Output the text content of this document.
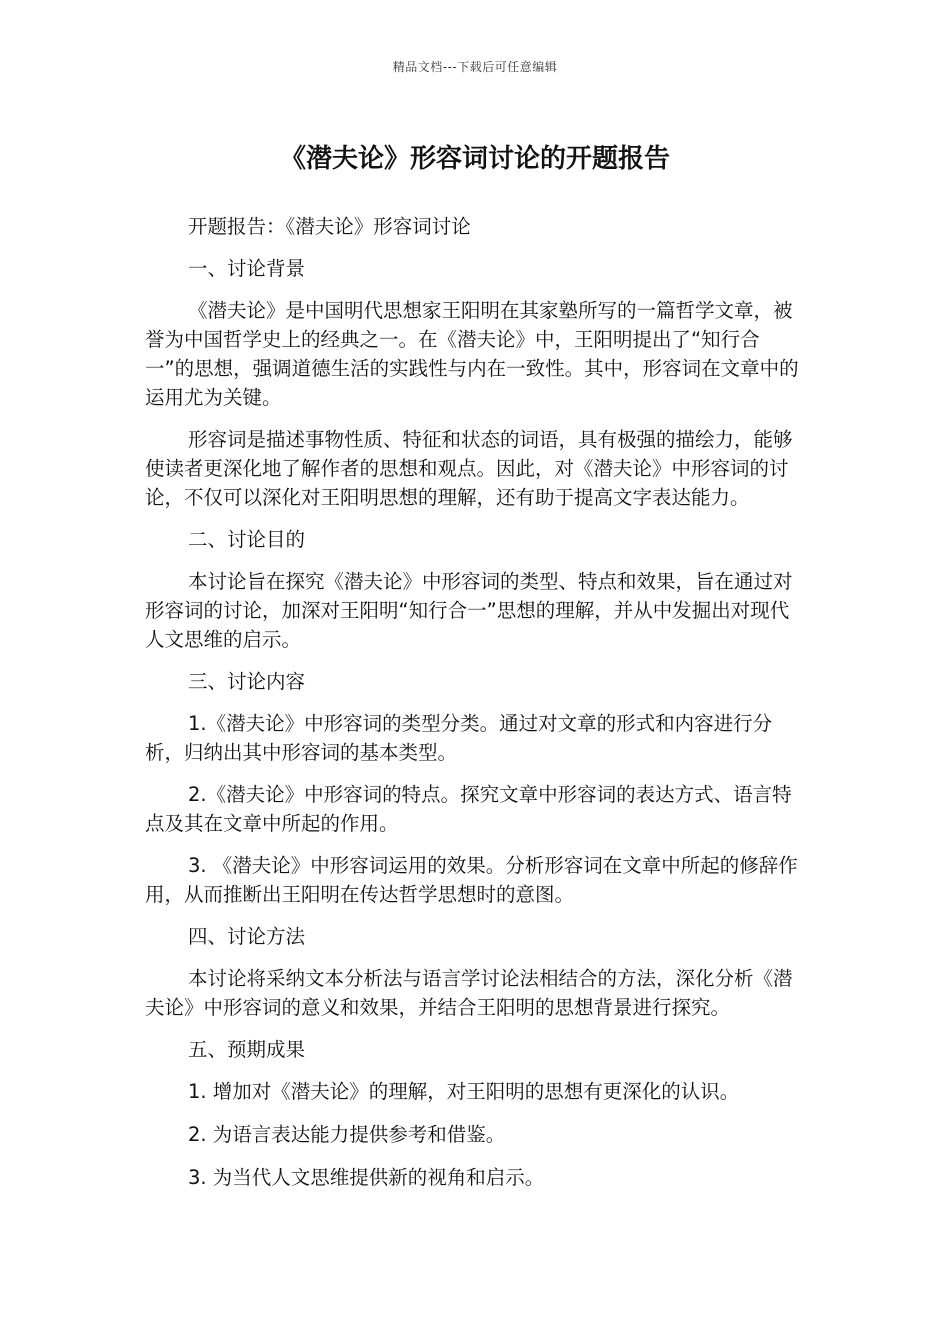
精品文档---下载后可任意编辑
《潜夫论》形容词讨论的开题报告

开题报告：《潜夫论》形容词讨论

一、讨论背景

《潜夫论》是中国明代思想家王阳明在其家塾所写的一篇哲学文章，被誉为中国哲学史上的经典之一。在《潜夫论》中，王阳明提出了“知行合一”的思想，强调道德生活的实践性与内在一致性。其中，形容词在文章中的运用尤为关键。

形容词是描述事物性质、特征和状态的词语，具有极强的描绘力，能够使读者更深化地了解作者的思想和观点。因此，对《潜夫论》中形容词的讨论，不仅可以深化对王阳明思想的理解，还有助于提高文字表达能力。

二、讨论目的

本讨论旨在探究《潜夫论》中形容词的类型、特点和效果，旨在通过对形容词的讨论，加深对王阳明“知行合一”思想的理解，并从中发掘出对现代人文思维的启示。

三、讨论内容

1.《潜夫论》中形容词的类型分类。通过对文章的形式和内容进行分析，归纳出其中形容词的基本类型。

2.《潜夫论》中形容词的特点。探究文章中形容词的表达方式、语言特点及其在文章中所起的作用。

3. 《潜夫论》中形容词运用的效果。分析形容词在文章中所起的修辞作用，从而推断出王阳明在传达哲学思想时的意图。

四、讨论方法

本讨论将采纳文本分析法与语言学讨论法相结合的方法，深化分析《潜夫论》中形容词的意义和效果，并结合王阳明的思想背景进行探究。

五、预期成果

1. 增加对《潜夫论》的理解，对王阳明的思想有更深化的认识。

2. 为语言表达能力提供参考和借鉴。

3. 为当代人文思维提供新的视角和启示。
